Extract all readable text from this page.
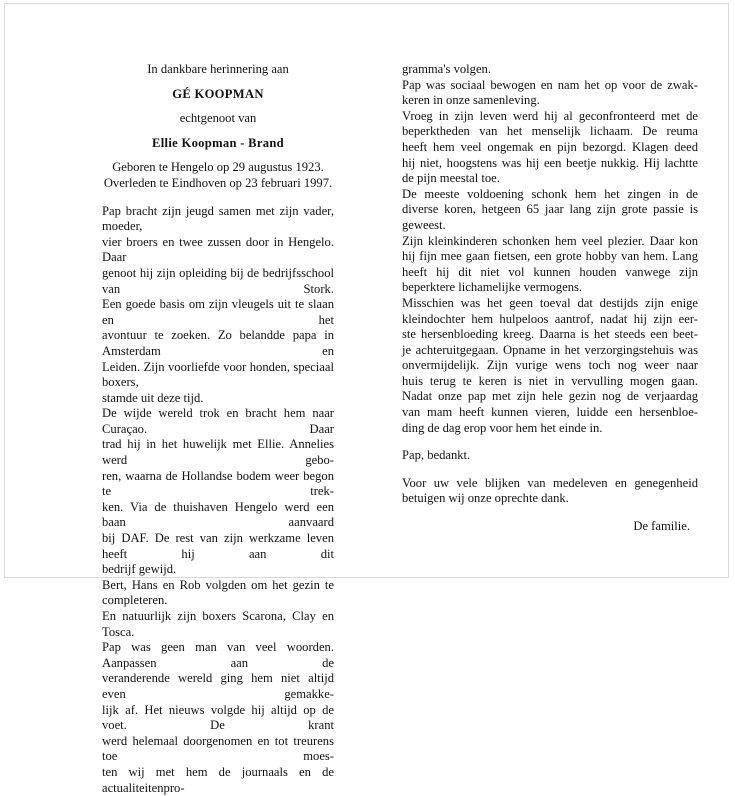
In dankbare herinnering aan
GÉ KOOPMAN
echtgenoot van
Ellie Koopman - Brand
Geboren te Hengelo op 29 augustus 1923.
Overleden te Eindhoven op 23 februari 1997.
Pap bracht zijn jeugd samen met zijn vader, moeder,
vier broers en twee zussen door in Hengelo. Daar
genoot hij zijn opleiding bij de bedrijfsschool van Stork.
Een goede basis om zijn vleugels uit te slaan en het
avontuur te zoeken. Zo belandde papa in Amsterdam en
Leiden. Zijn voorliefde voor honden, speciaal boxers,
stamde uit deze tijd.
De wijde wereld trok en bracht hem naar Curaçao. Daar
trad hij in het huwelijk met Ellie. Annelies werd gebo-
ren, waarna de Hollandse bodem weer begon te trek-
ken. Via de thuishaven Hengelo werd een baan aanvaard
bij DAF. De rest van zijn werkzame leven heeft hij aan dit
bedrijf gewijd.
Bert, Hans en Rob volgden om het gezin te completeren.
En natuurlijk zijn boxers Scarona, Clay en Tosca.
Pap was geen man van veel woorden. Aanpassen aan de
veranderende wereld ging hem niet altijd even gemakke-
lijk af. Het nieuws volgde hij altijd op de voet. De krant
werd helemaal doorgenomen en tot treurens toe moes-
ten wij met hem de journaals en de actualiteitenpro-
gramma's volgen.
Pap was sociaal bewogen en nam het op voor de zwak-
keren in onze samenleving.
Vroeg in zijn leven werd hij al geconfronteerd met de
beperktheden van het menselijk lichaam. De reuma
heeft hem veel ongemak en pijn bezorgd. Klagen deed
hij niet, hoogstens was hij een beetje nukkig. Hij lachtte
de pijn meestal toe.
De meeste voldoening schonk hem het zingen in de
diverse koren, hetgeen 65 jaar lang zijn grote passie is
geweest.
Zijn kleinkinderen schonken hem veel plezier. Daar kon
hij fijn mee gaan fietsen, een grote hobby van hem. Lang
heeft hij dit niet vol kunnen houden vanwege zijn
beperktere lichamelijke vermogens.
Misschien was het geen toeval dat destijds zijn enige
kleindochter hem hulpeloos aantrof, nadat hij zijn eer-
ste hersenbloeding kreeg. Daarna is het steeds een beet-
je achteruitgegaan. Opname in het verzorgingstehuis was
onvermijdelijk. Zijn vurige wens toch nog weer naar
huis terug te keren is niet in vervulling mogen gaan.
Nadat onze pap met zijn hele gezin nog de verjaardag
van mam heeft kunnen vieren, luidde een hersenbloe-
ding de dag erop voor hem het einde in.
Pap, bedankt.
Voor uw vele blijken van medeleven en genegenheid
betuigen wij onze oprechte dank.
De familie.
